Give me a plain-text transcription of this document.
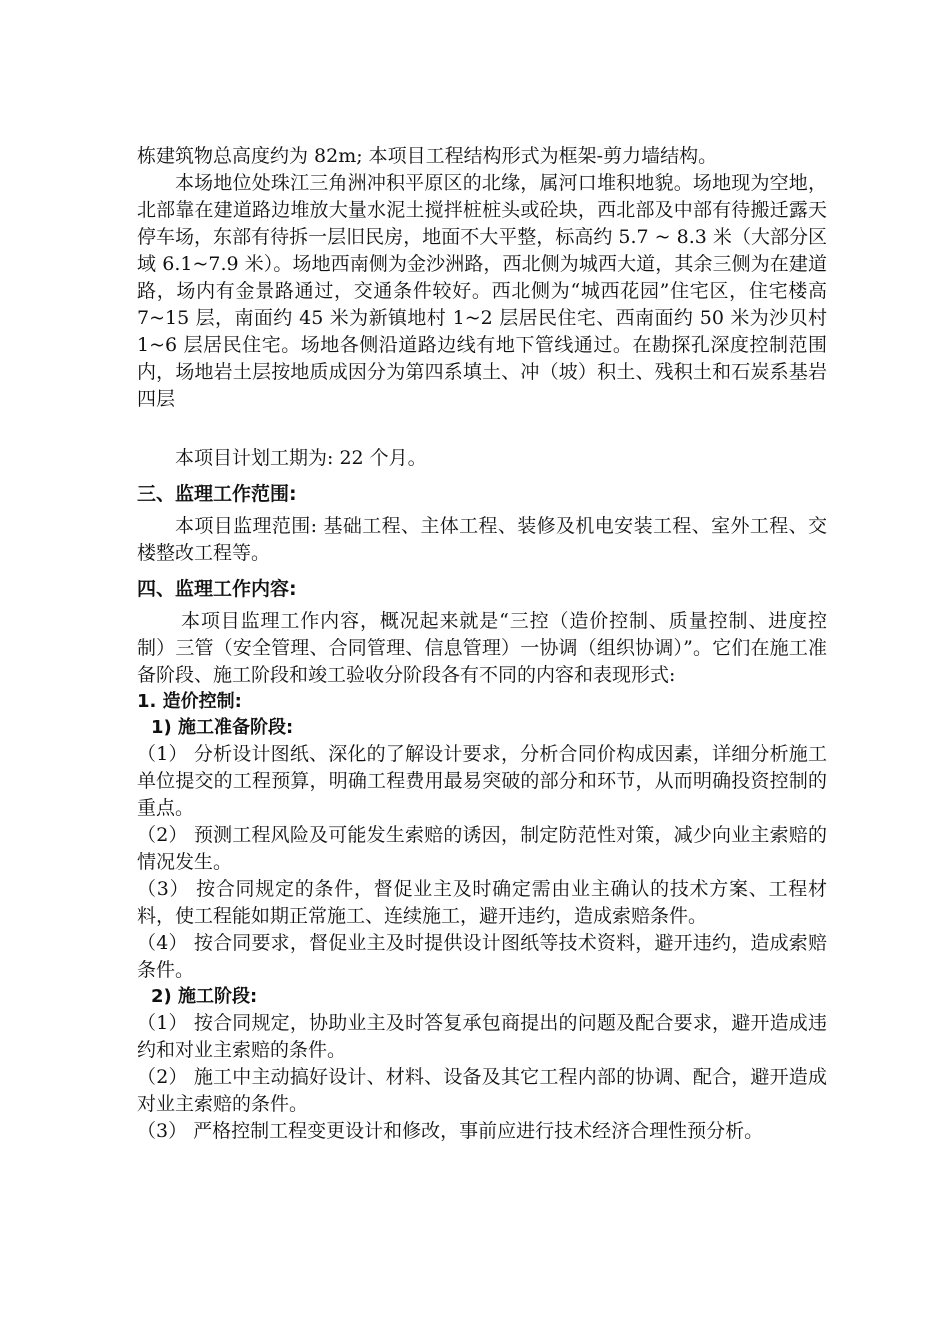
栋建筑物总高度约为 82m; 本项目工程结构形式为框架-剪力墙结构。

本场地位处珠江三角洲冲积平原区的北缘，属河口堆积地貌。场地现为空地，北部靠在建道路边堆放大量水泥土搅拌桩桩头或砼块，西北部及中部有待搬迁露天停车场，东部有待拆一层旧民房，地面不大平整，标高约 5.7 ~ 8.3 米（大部分区域 6.1~7.9 米）。场地西南侧为金沙洲路，西北侧为城西大道，其余三侧为在建道路，场内有金景路通过，交通条件较好。西北侧为“城西花园”住宅区，住宅楼高 7~15 层，南面约 45 米为新镇地村 1~2 层居民住宅、西南面约 50 米为沙贝村 1~6 层居民住宅。场地各侧沿道路边线有地下管线通过。在勘探孔深度控制范围内，场地岩土层按地质成因分为第四系填土、冲（坡）积土、残积土和石炭系基岩四层

本项目计划工期为: 22 个月。

三、监理工作范围:

本项目监理范围: 基础工程、主体工程、装修及机电安装工程、室外工程、交楼整改工程等。

四、监理工作内容:

本项目监理工作内容，概况起来就是“三控（造价控制、质量控制、进度控制）三管（安全管理、合同管理、信息管理）一协调（组织协调）”。它们在施工准备阶段、施工阶段和竣工验收分阶段各有不同的内容和表现形式:

1. 造价控制:

1) 施工准备阶段:

（1） 分析设计图纸、深化的了解设计要求，分析合同价构成因素，详细分析施工单位提交的工程预算，明确工程费用最易突破的部分和环节，从而明确投资控制的重点。

（2） 预测工程风险及可能发生索赔的诱因，制定防范性对策，减少向业主索赔的情况发生。

（3） 按合同规定的条件，督促业主及时确定需由业主确认的技术方案、工程材料，使工程能如期正常施工、连续施工，避开违约，造成索赔条件。

（4） 按合同要求，督促业主及时提供设计图纸等技术资料，避开违约，造成索赔条件。

2) 施工阶段:

（1） 按合同规定，协助业主及时答复承包商提出的问题及配合要求，避开造成违约和对业主索赔的条件。

（2） 施工中主动搞好设计、材料、设备及其它工程内部的协调、配合，避开造成对业主索赔的条件。

（3） 严格控制工程变更设计和修改，事前应进行技术经济合理性预分析。
